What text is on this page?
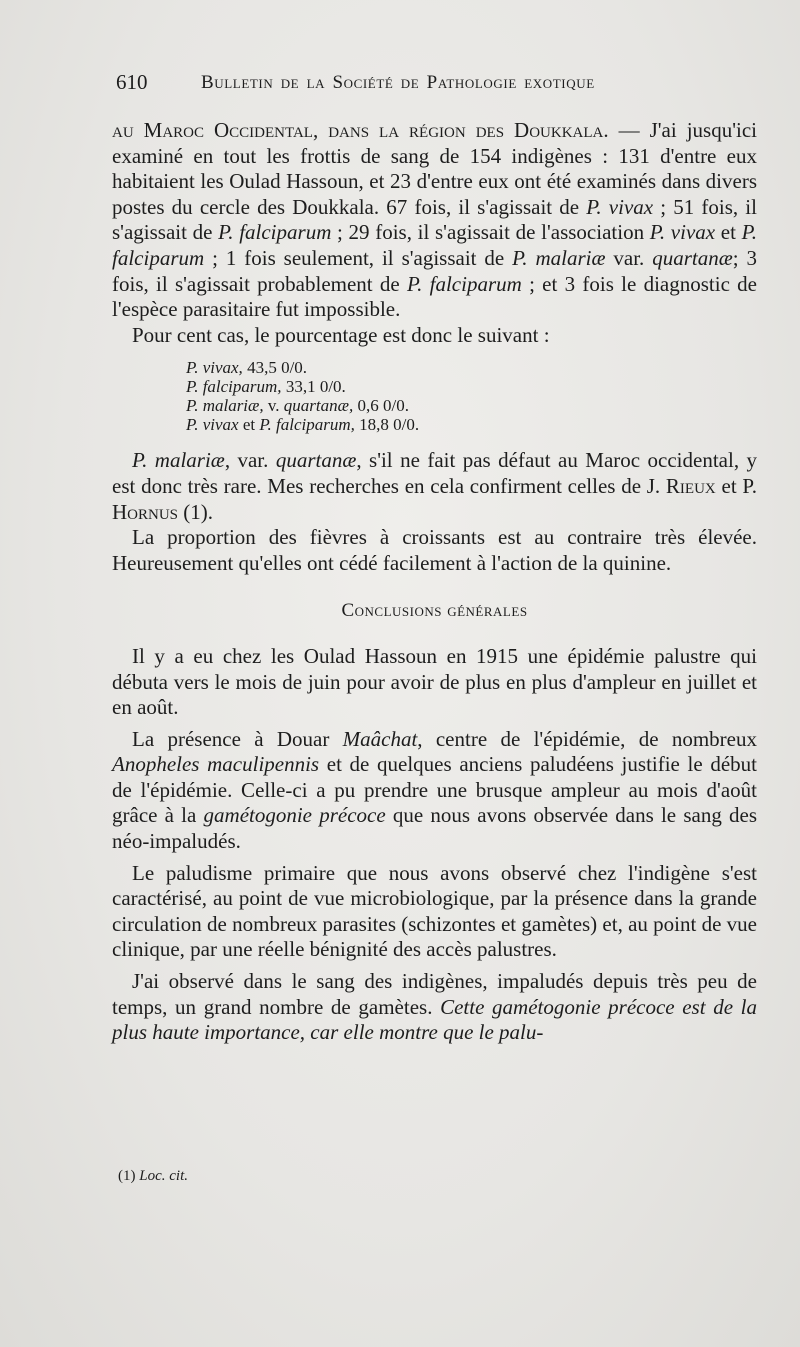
610	Bulletin de la Société de Pathologie exotique

au Maroc Occidental, dans la région des Doukkala. — J'ai jusqu'ici examiné en tout les frottis de sang de 154 indigènes : 131 d'entre eux habitaient les Oulad Hassoun, et 23 d'entre eux ont été examinés dans divers postes du cercle des Doukkala. 67 fois, il s'agissait de P. vivax ; 51 fois, il s'agissait de P. falciparum ; 29 fois, il s'agissait de l'association P. vivax et P. falciparum ; 1 fois seulement, il s'agissait de P. malariæ var. quartanæ; 3 fois, il s'agissait probablement de P. falciparum ; et 3 fois le diagnostic de l'espèce parasitaire fut impossible.

Pour cent cas, le pourcentage est donc le suivant :

P. vivax, 43,5 0/0.
P. falciparum, 33,1 0/0.
P. malariæ, v. quartanæ, 0,6 0/0.
P. vivax et P. falciparum, 18,8 0/0.

P. malariæ, var. quartanæ, s'il ne fait pas défaut au Maroc occidental, y est donc très rare. Mes recherches en cela confirment celles de J. Rieux et P. Hornus (1).

La proportion des fièvres à croissants est au contraire très élevée. Heureusement qu'elles ont cédé facilement à l'action de la quinine.

Conclusions générales

Il y a eu chez les Oulad Hassoun en 1915 une épidémie palustre qui débuta vers le mois de juin pour avoir de plus en plus d'ampleur en juillet et en août.

La présence à Douar Maâchat, centre de l'épidémie, de nombreux Anopheles maculipennis et de quelques anciens paludéens justifie le début de l'épidémie. Celle-ci a pu prendre une brusque ampleur au mois d'août grâce à la gamétogonie précoce que nous avons observée dans le sang des néo-impaludés.

Le paludisme primaire que nous avons observé chez l'indigène s'est caractérisé, au point de vue microbiologique, par la présence dans la grande circulation de nombreux parasites (schizontes et gamètes) et, au point de vue clinique, par une réelle bénignité des accès palustres.

J'ai observé dans le sang des indigènes, impaludés depuis très peu de temps, un grand nombre de gamètes. Cette gamétogonie précoce est de la plus haute importance, car elle montre que le palu-

(1) Loc. cit.
